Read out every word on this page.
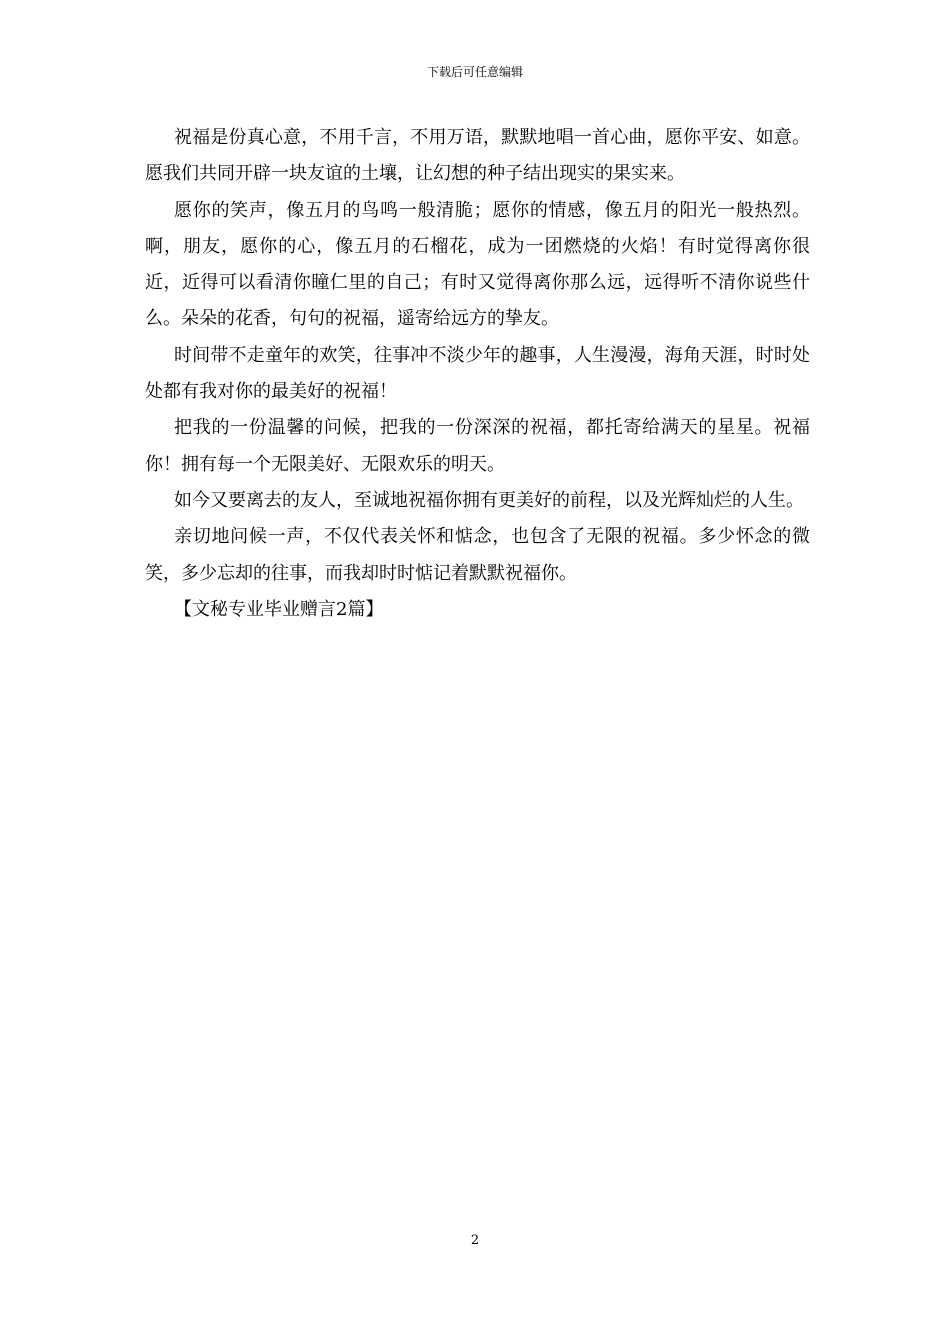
下载后可任意编辑

祝福是份真心意，不用千言，不用万语，默默地唱一首心曲，愿你平安、如意。愿我们共同开辟一块友谊的土壤，让幻想的种子结出现实的果实来。

愿你的笑声，像五月的鸟鸣一般清脆；愿你的情感，像五月的阳光一般热烈。啊，朋友，愿你的心，像五月的石榴花，成为一团燃烧的火焰！有时觉得离你很近，近得可以看清你瞳仁里的自己；有时又觉得离你那么远，远得听不清你说些什么。朵朵的花香，句句的祝福，遥寄给远方的挚友。

时间带不走童年的欢笑，往事冲不淡少年的趣事，人生漫漫，海角天涯，时时处处都有我对你的最美好的祝福！

把我的一份温馨的问候，把我的一份深深的祝福，都托寄给满天的星星。祝福你！拥有每一个无限美好、无限欢乐的明天。

如今又要离去的友人，至诚地祝福你拥有更美好的前程，以及光辉灿烂的人生。

亲切地问候一声，不仅代表关怀和惦念，也包含了无限的祝福。多少怀念的微笑，多少忘却的往事，而我却时时惦记着默默祝福你。

【文秘专业毕业赠言2篇】

2
